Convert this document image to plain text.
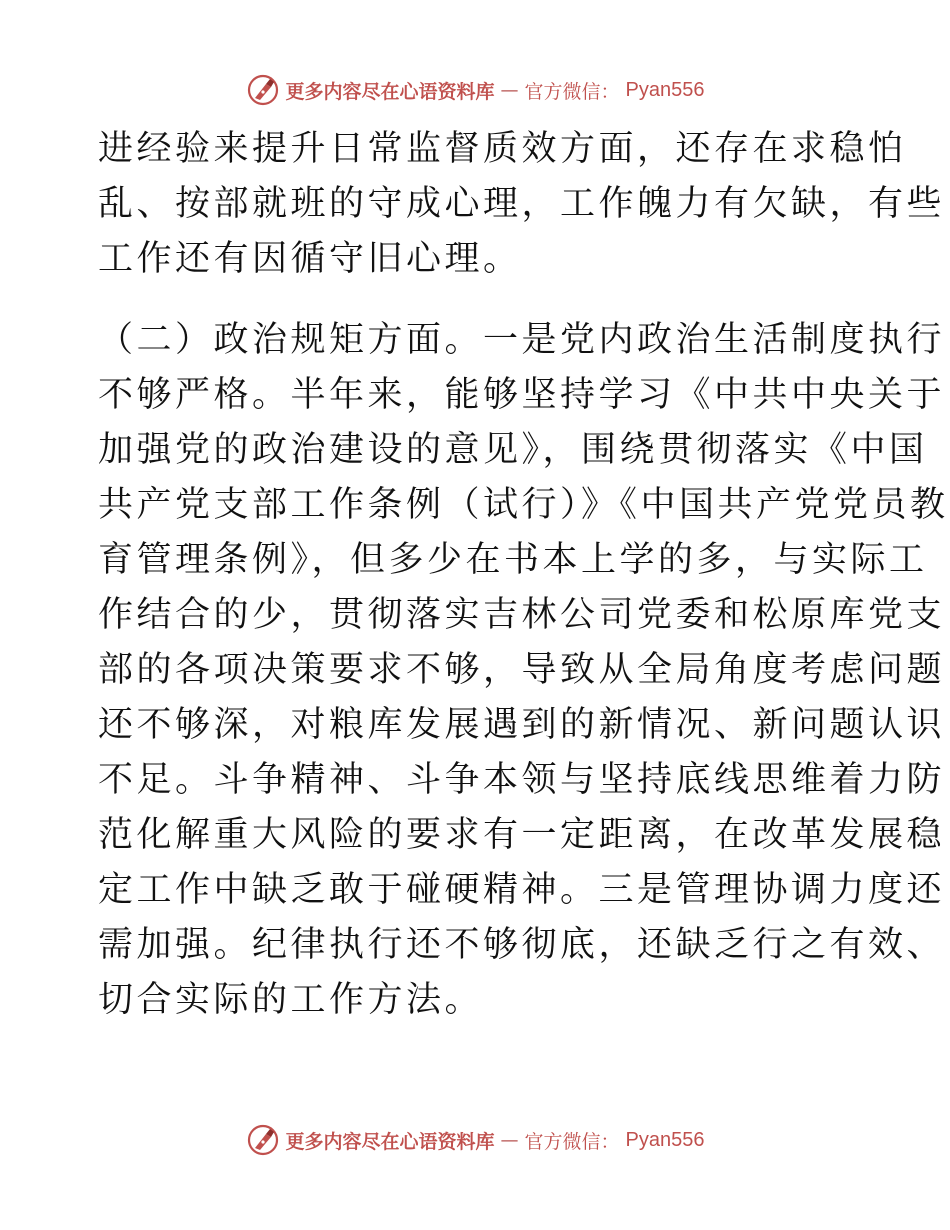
更多内容尽在心语资料库 — 官方微信： Pyan556
进经验来提升日常监督质效方面，还存在求稳怕
乱、按部就班的守成心理，工作魄力有欠缺，有些
工作还有因循守旧心理。
（二）政治规矩方面。一是党内政治生活制度执行
不够严格。半年来，能够坚持学习《中共中央关于
加强党的政治建设的意见》，围绕贯彻落实《中国
共产党支部工作条例（试行）》《中国共产党党员教
育管理条例》，但多少在书本上学的多，与实际工
作结合的少，贯彻落实吉林公司党委和松原库党支
部的各项决策要求不够，导致从全局角度考虑问题
还不够深，对粮库发展遇到的新情况、新问题认识
不足。斗争精神、斗争本领与坚持底线思维着力防
范化解重大风险的要求有一定距离，在改革发展稳
定工作中缺乏敢于碰硬精神。三是管理协调力度还
需加强。纪律执行还不够彻底，还缺乏行之有效、
切合实际的工作方法。
更多内容尽在心语资料库 — 官方微信： Pyan556
